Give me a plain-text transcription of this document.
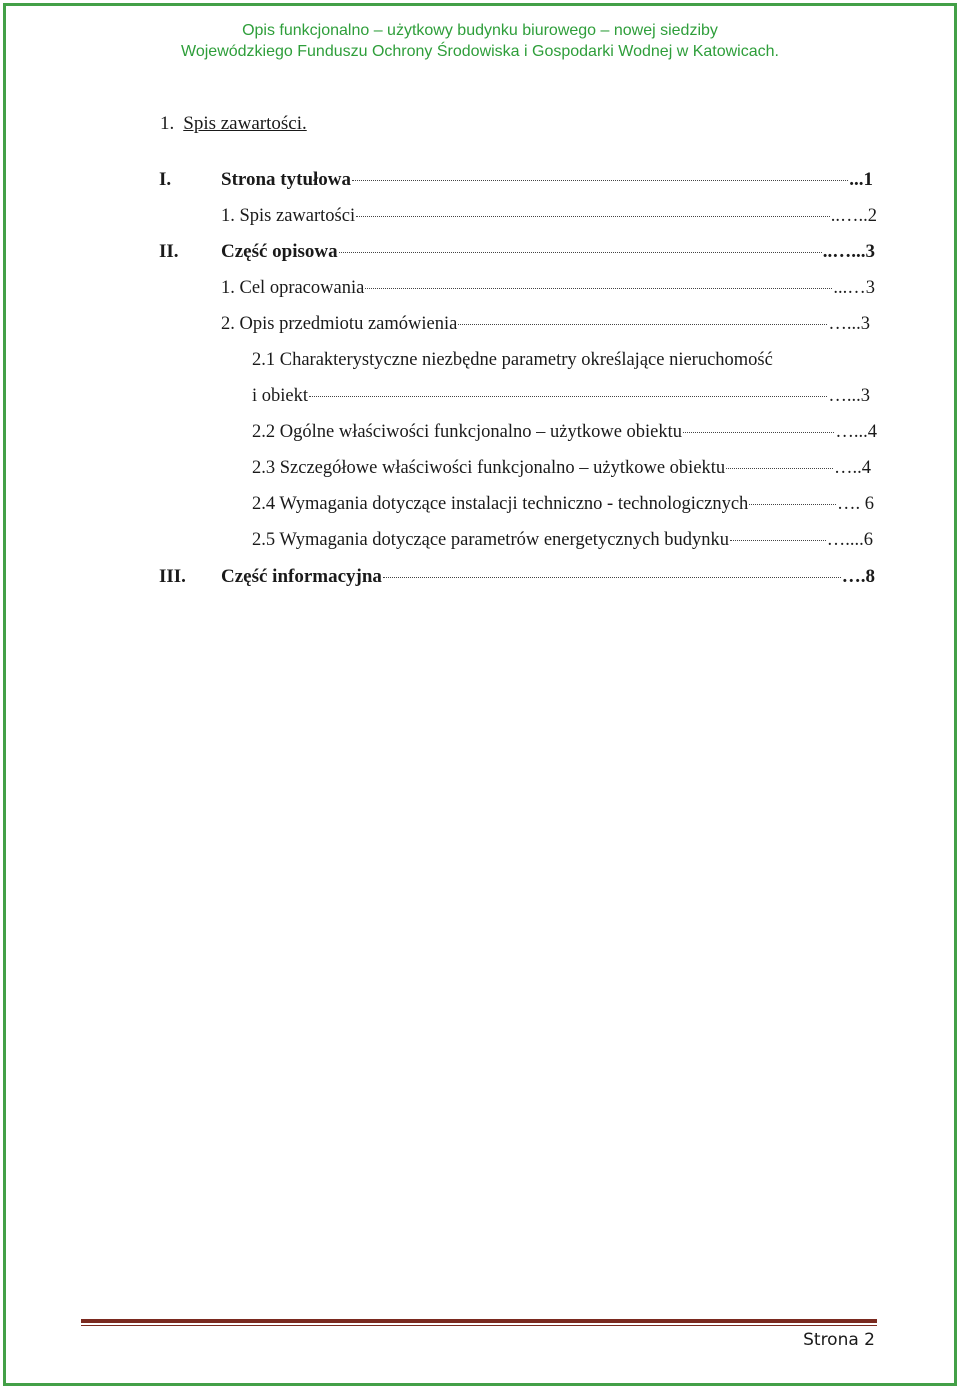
Opis funkcjonalno – użytkowy budynku biurowego – nowej siedziby
Wojewódzkiego Funduszu Ochrony Środowiska i Gospodarki Wodnej w Katowicach.
1. Spis zawartości.
I.	Strona tytułowa	...1
1. Spis zawartości	..…..2
II. Część opisowa	..…...3
1. Cel opracowania	...…3
2. Opis przedmiotu zamówienia	…...3
2.1 Charakterystyczne niezbędne parametry określające nieruchomość
i obiekt	…...3
2.2 Ogólne właściwości funkcjonalno – użytkowe obiektu	…...4
2.3 Szczegółowe właściwości funkcjonalno – użytkowe obiektu	…..4
2.4 Wymagania dotyczące instalacji techniczno - technologicznych	…. 6
2.5 Wymagania dotyczące parametrów energetycznych budynku	…....6
III. Część informacyjna	….8
Strona 2
